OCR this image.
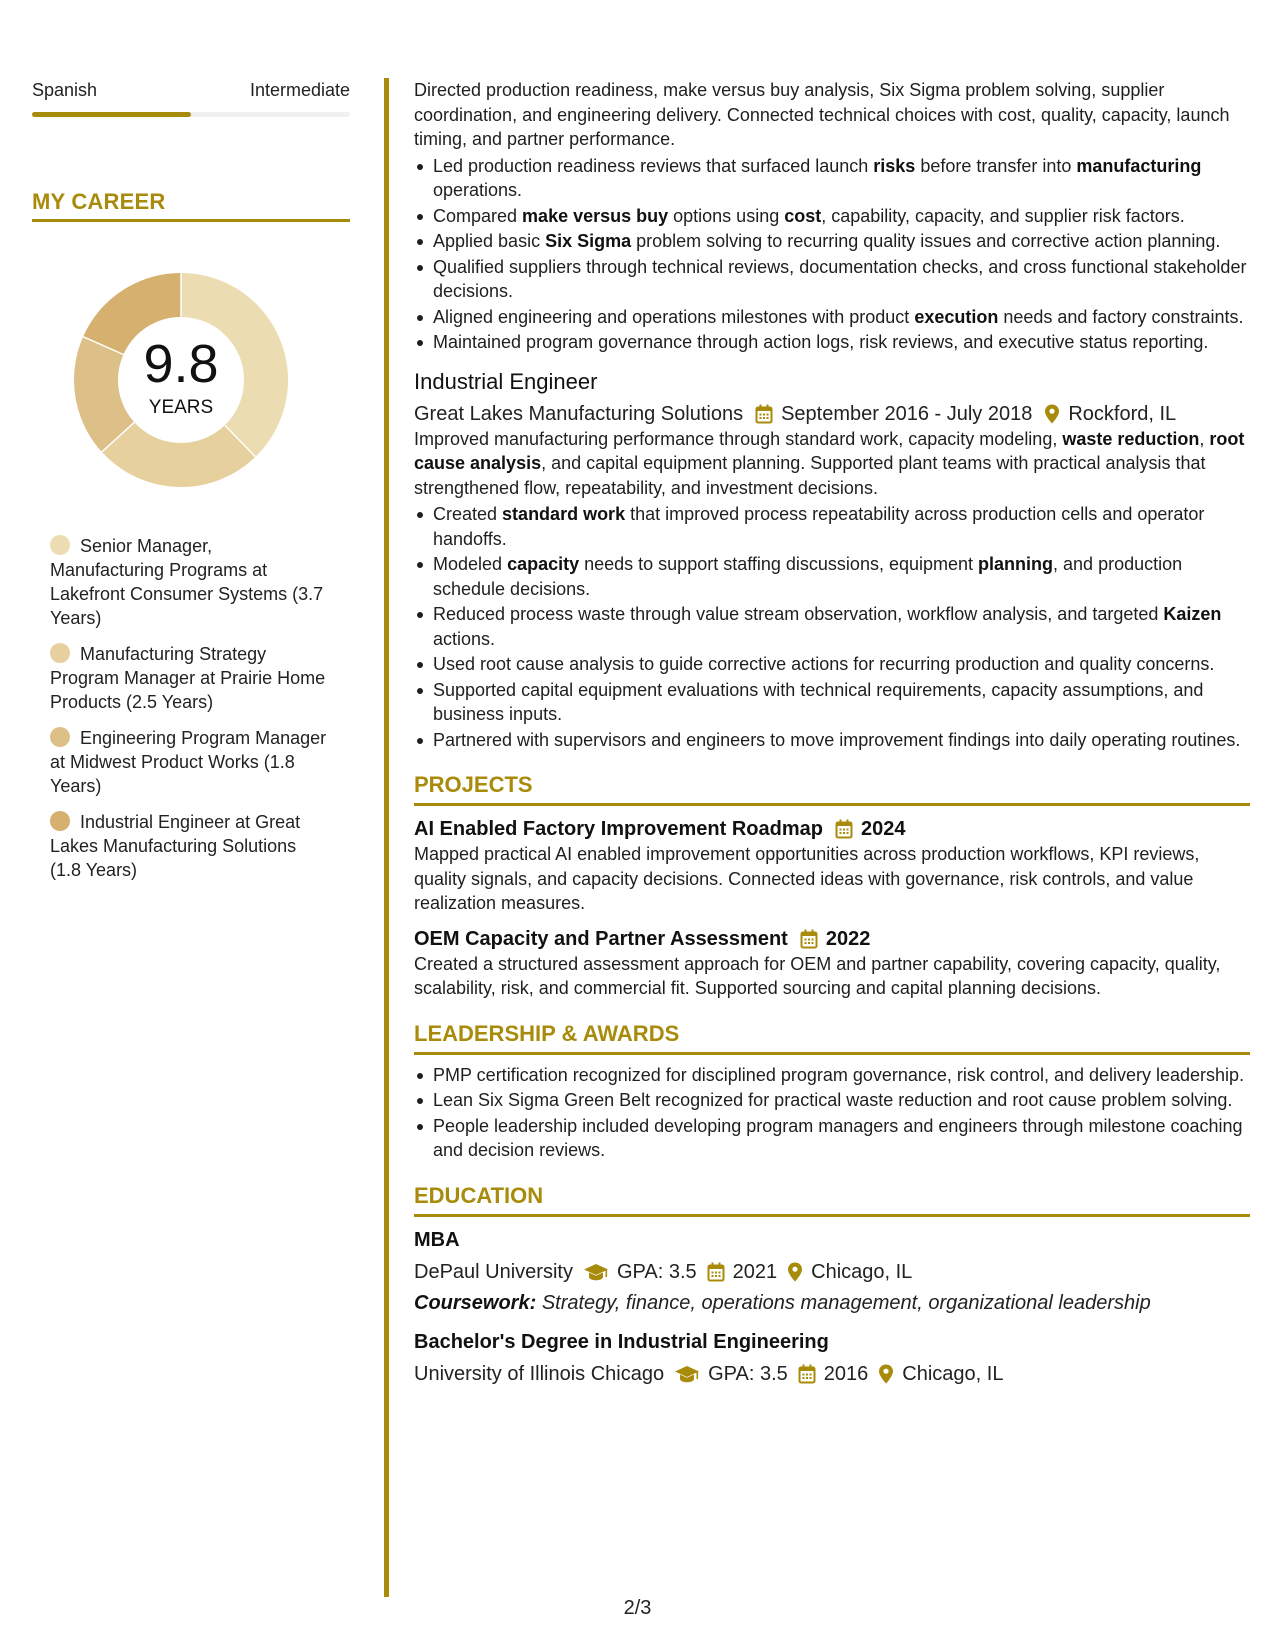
Spanish	Intermediate
MY CAREER
9.8
YEARS
Senior Manager, Manufacturing Programs at Lakefront Consumer Systems (3.7 Years)
Manufacturing Strategy Program Manager at Prairie Home Products (2.5 Years)
Engineering Program Manager at Midwest Product Works (1.8 Years)
Industrial Engineer at Great Lakes Manufacturing Solutions (1.8 Years)

Directed production readiness, make versus buy analysis, Six Sigma problem solving, supplier coordination, and engineering delivery. Connected technical choices with cost, quality, capacity, launch timing, and partner performance.

Led production readiness reviews that surfaced launch risks before transfer into manufacturing operations.
Compared make versus buy options using cost, capability, capacity, and supplier risk factors.
Applied basic Six Sigma problem solving to recurring quality issues and corrective action planning.
Qualified suppliers through technical reviews, documentation checks, and cross functional stakeholder decisions.
Aligned engineering and operations milestones with product execution needs and factory constraints.
Maintained program governance through action logs, risk reviews, and executive status reporting.
Industrial Engineer
Great Lakes Manufacturing Solutions September 2016 - July 2018 Rockford, IL

Improved manufacturing performance through standard work, capacity modeling, waste reduction, root cause analysis, and capital equipment planning. Supported plant teams with practical analysis that strengthened flow, repeatability, and investment decisions.

Created standard work that improved process repeatability across production cells and operator handoffs.
Modeled capacity needs to support staffing discussions, equipment planning, and production schedule decisions.
Reduced process waste through value stream observation, workflow analysis, and targeted Kaizen actions.
Used root cause analysis to guide corrective actions for recurring production and quality concerns.
Supported capital equipment evaluations with technical requirements, capacity assumptions, and business inputs.
Partnered with supervisors and engineers to move improvement findings into daily operating routines.
PROJECTS
AI Enabled Factory Improvement Roadmap 2024

Mapped practical AI enabled improvement opportunities across production workflows, KPI reviews, quality signals, and capacity decisions. Connected ideas with governance, risk controls, and value realization measures.

OEM Capacity and Partner Assessment 2022

Created a structured assessment approach for OEM and partner capability, covering capacity, quality, scalability, risk, and commercial fit. Supported sourcing and capital planning decisions.

LEADERSHIP & AWARDS
PMP certification recognized for disciplined program governance, risk control, and delivery leadership.
Lean Six Sigma Green Belt recognized for practical waste reduction and root cause problem solving.
People leadership included developing program managers and engineers through milestone coaching and decision reviews.
EDUCATION
MBA
DePaul University GPA: 3.5 2021 Chicago, IL
Coursework: Strategy, finance, operations management, organizational leadership
Bachelor's Degree in Industrial Engineering
University of Illinois Chicago GPA: 3.5 2016 Chicago, IL
2/3
